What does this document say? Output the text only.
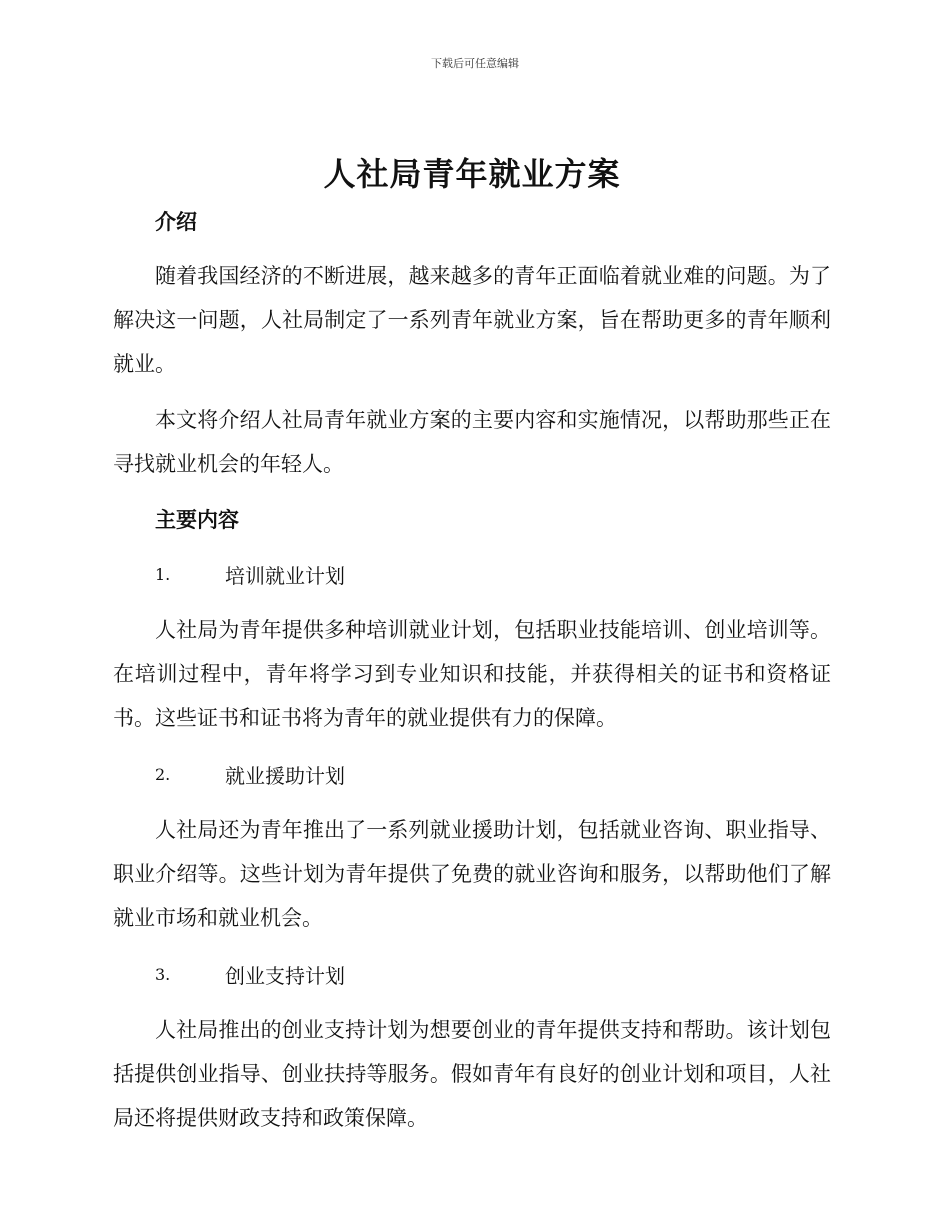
下载后可任意编辑
人社局青年就业方案
介绍

随着我国经济的不断进展，越来越多的青年正面临着就业难的问题。为了解决这一问题，人社局制定了一系列青年就业方案，旨在帮助更多的青年顺利就业。

本文将介绍人社局青年就业方案的主要内容和实施情况，以帮助那些正在寻找就业机会的年轻人。

主要内容
1.	培训就业计划

人社局为青年提供多种培训就业计划，包括职业技能培训、创业培训等。在培训过程中，青年将学习到专业知识和技能，并获得相关的证书和资格证书。这些证书和证书将为青年的就业提供有力的保障。

2.	就业援助计划

人社局还为青年推出了一系列就业援助计划，包括就业咨询、职业指导、职业介绍等。这些计划为青年提供了免费的就业咨询和服务，以帮助他们了解就业市场和就业机会。

3.	创业支持计划

人社局推出的创业支持计划为想要创业的青年提供支持和帮助。该计划包括提供创业指导、创业扶持等服务。假如青年有良好的创业计划和项目，人社局还将提供财政支持和政策保障。
